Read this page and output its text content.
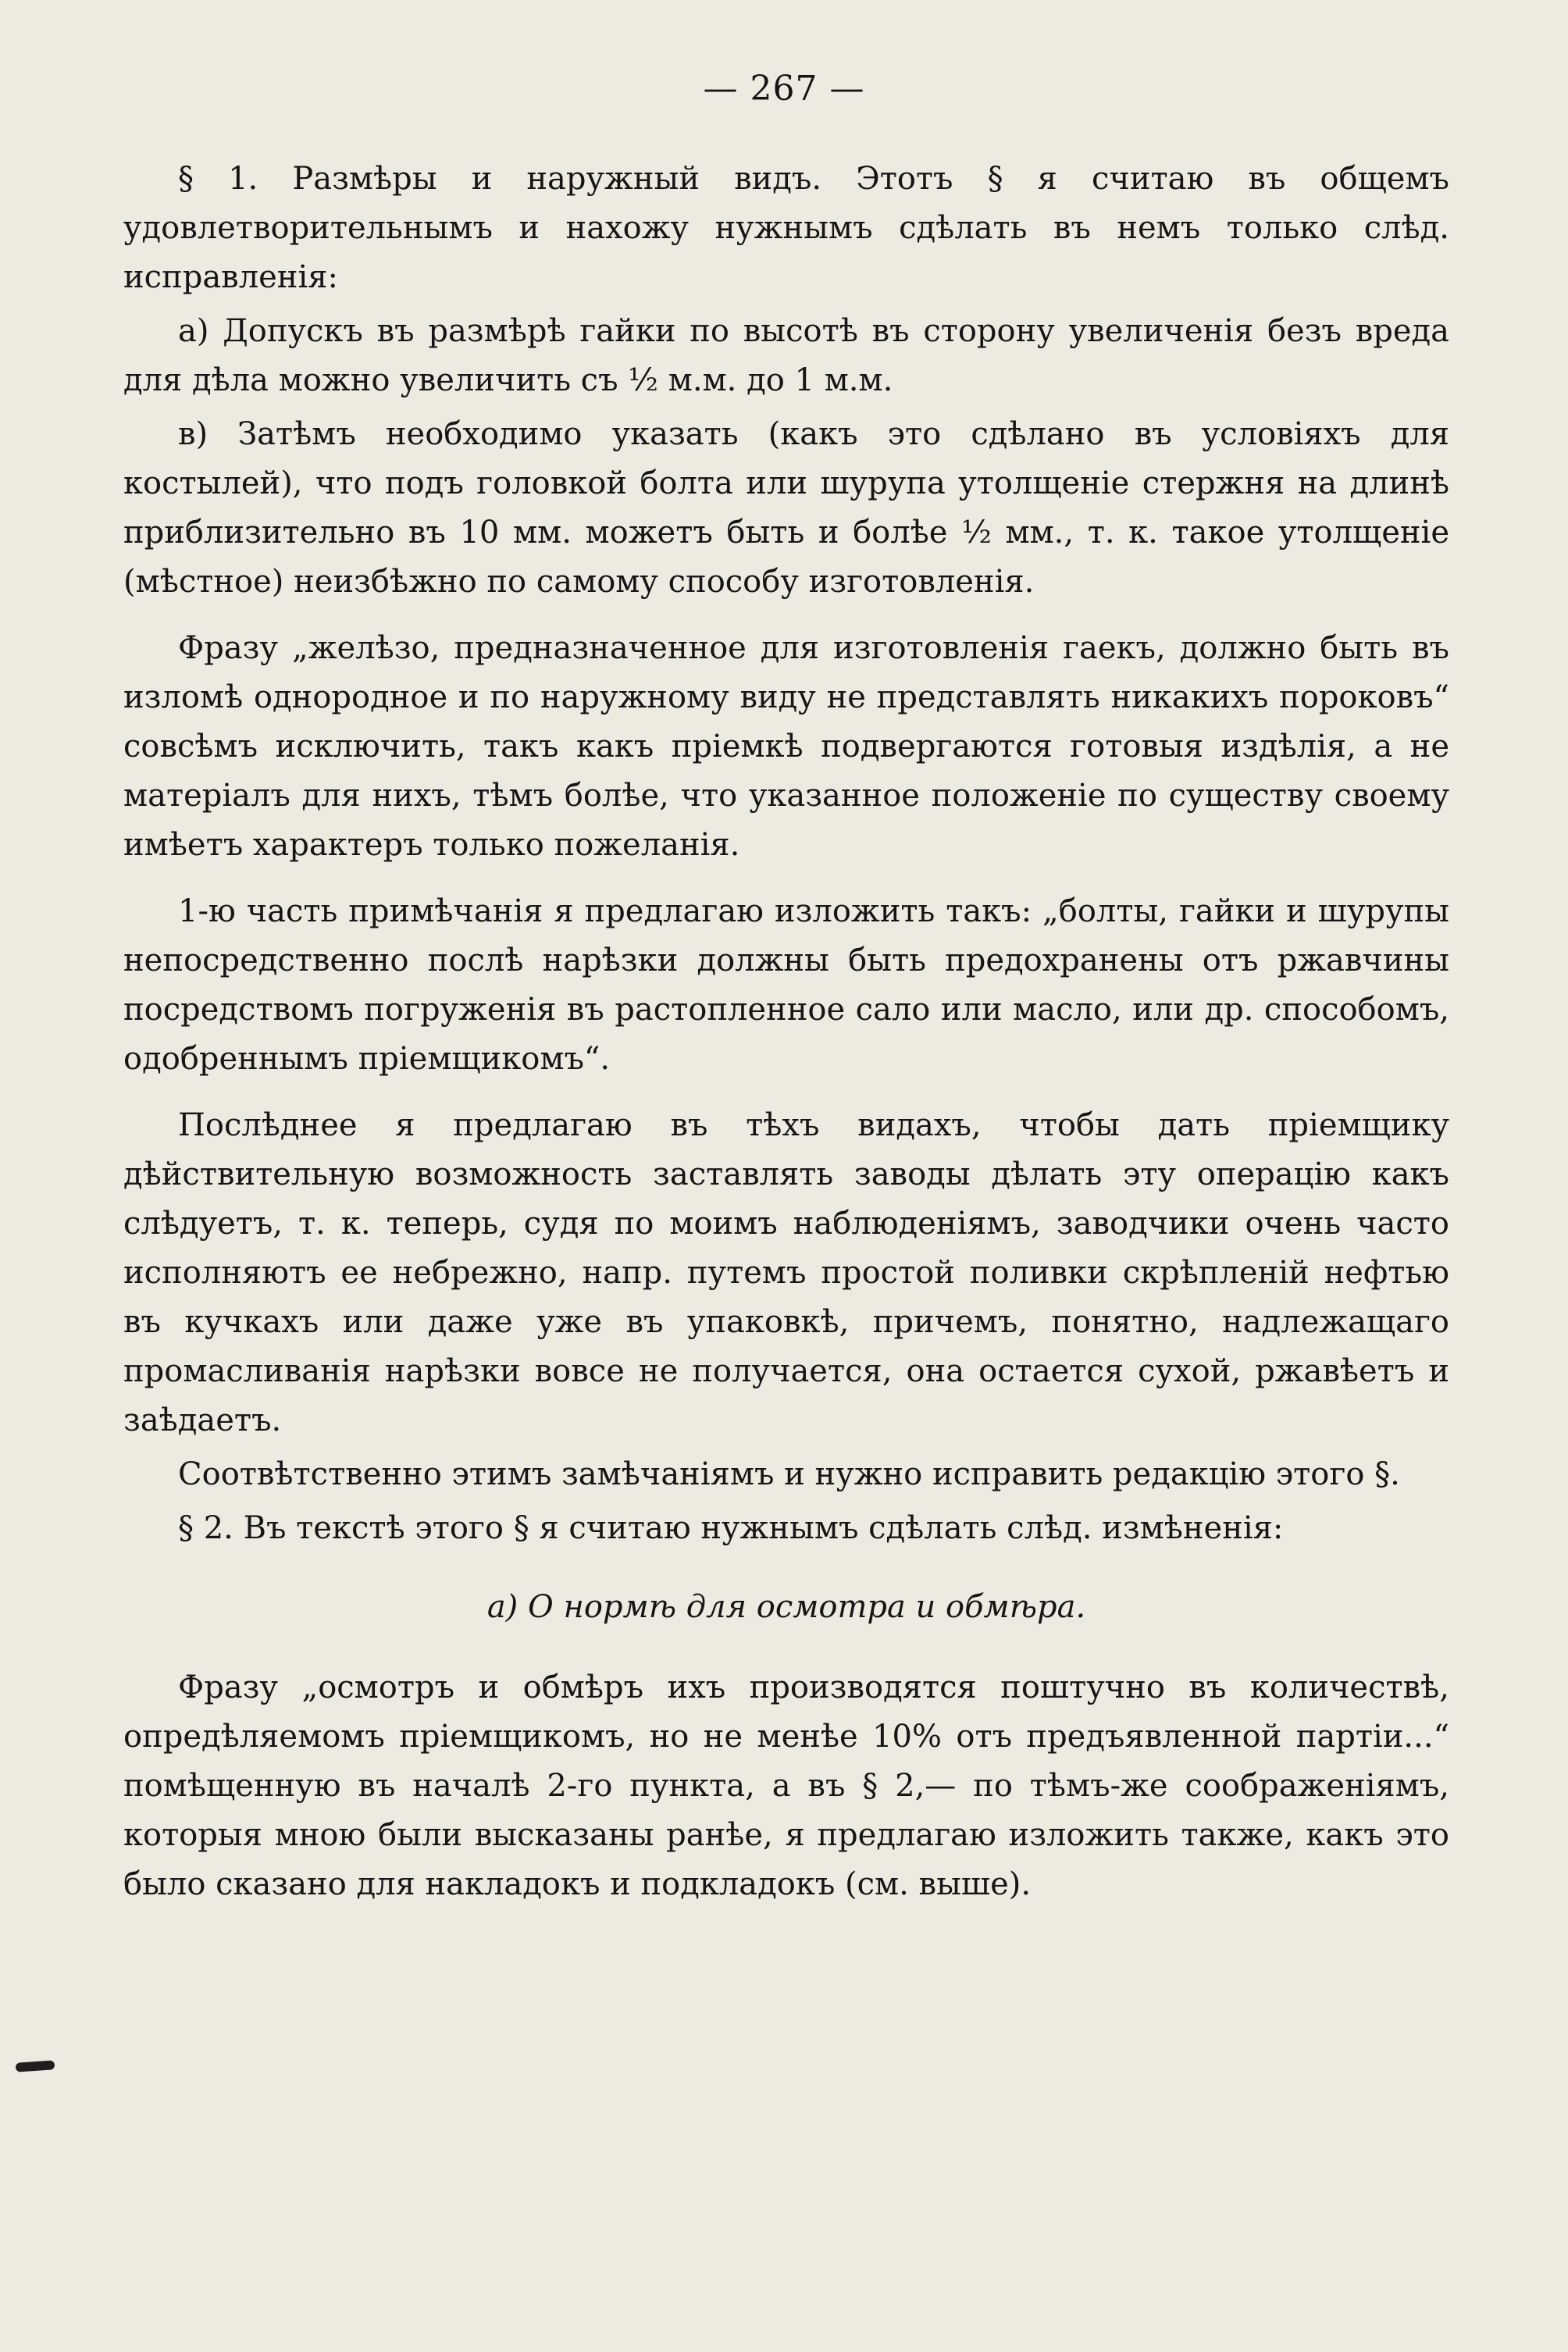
— 267 —

§ 1. Размѣры и наружный видъ. Этотъ § я считаю въ общемъ удовлетворительнымъ и нахожу нужнымъ сдѣлать въ немъ только слѣд. исправленія:

а) Допускъ въ размѣрѣ гайки по высотѣ въ сторону увеличенія безъ вреда для дѣла можно увеличить съ ½ м.м. до 1 м.м.

в) Затѣмъ необходимо указать (какъ это сдѣлано въ условіяхъ для костылей), что подъ головкой болта или шурупа утолщеніе стержня на длинѣ приблизительно въ 10 мм. можетъ быть и болѣе ½ мм., т. к. такое утолщеніе (мѣстное) неизбѣжно по самому способу изготовленія.

Фразу „желѣзо, предназначенное для изготовленія гаекъ, должно быть въ изломѣ однородное и по наружному виду не представлять никакихъ пороковъ“ совсѣмъ исключить, такъ какъ пріемкѣ подвергаются готовыя издѣлія, а не матеріалъ для нихъ, тѣмъ болѣе, что указанное положеніе по существу своему имѣетъ характеръ только пожеланія.

1-ю часть примѣчанія я предлагаю изложить такъ: „болты, гайки и шурупы непосредственно послѣ нарѣзки должны быть предохранены отъ ржавчины посредствомъ погруженія въ растопленное сало или масло, или др. способомъ, одобреннымъ пріемщикомъ“.

Послѣднее я предлагаю въ тѣхъ видахъ, чтобы дать пріемщику дѣйствительную возможность заставлять заводы дѣлать эту операцію какъ слѣдуетъ, т. к. теперь, судя по моимъ наблюденіямъ, заводчики очень часто исполняютъ ее небрежно, напр. путемъ простой поливки скрѣпленій нефтью въ кучкахъ или даже уже въ упаковкѣ, причемъ, понятно, надлежащаго промасливанія нарѣзки вовсе не получается, она остается сухой, ржавѣетъ и заѣдаетъ.

Соотвѣтственно этимъ замѣчаніямъ и нужно исправить редакцію этого §.

§ 2. Въ текстѣ этого § я считаю нужнымъ сдѣлать слѣд. измѣненія:

а) О нормѣ для осмотра и обмѣра.

Фразу „осмотръ и обмѣръ ихъ производятся поштучно въ количествѣ, опредѣляемомъ пріемщикомъ, но не менѣе 10% отъ предъявленной партіи...“ помѣщенную въ началѣ 2-го пункта, а въ § 2,— по тѣмъ-же соображеніямъ, которыя мною были высказаны ранѣе, я предлагаю изложить также, какъ это было сказано для накладокъ и подкладокъ (см. выше).
